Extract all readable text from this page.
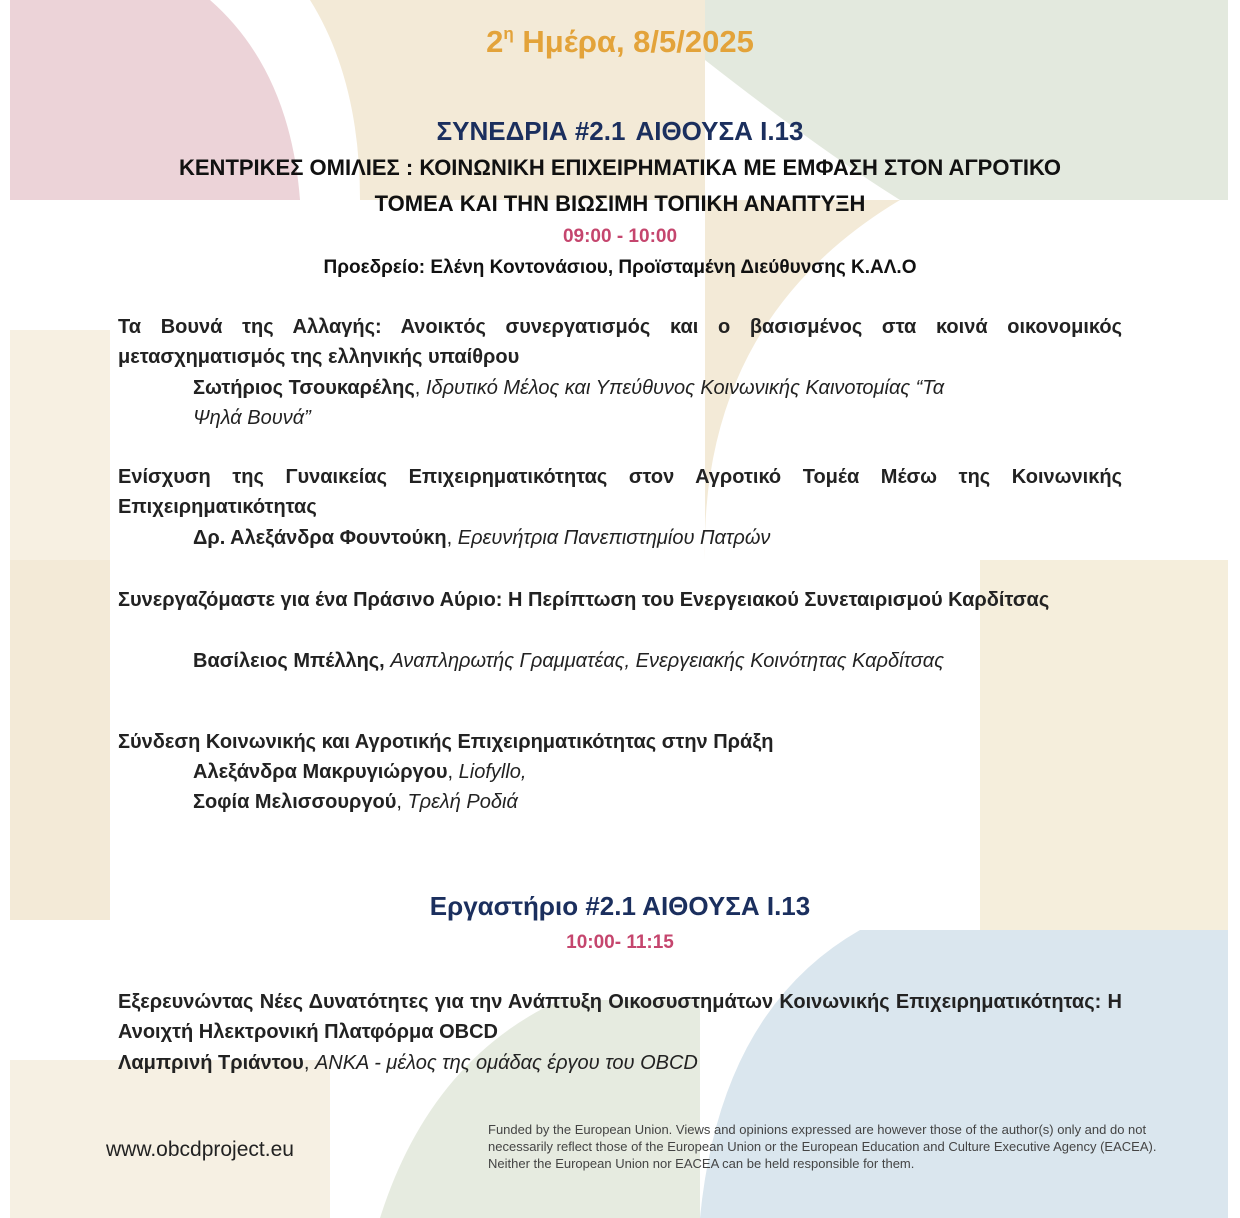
$2^\eta$ Ημέρα, 8/5/2025
ΣΥΝΕΔΡΙΑ #2.1 ΑΙΘΟΥΣΑ Ι.13
ΚΕΝΤΡΙΚΕΣ ΟΜΙΛΙΕΣ : ΚΟΙΝΩΝΙΚΗ ΕΠΙΧΕΙΡΗΜΑΤΙΚΑ ΜΕ ΕΜΦΑΣΗ ΣΤΟΝ ΑΓΡΟΤΙΚΟ
ΤΟΜΕΑ ΚΑΙ ΤΗΝ ΒΙΩΣΙΜΗ ΤΟΠΙΚΗ ΑΝΑΠΤΥΞΗ
09:00 - 10:00
Προεδρείο: Ελένη Κοντονάσιου, Προϊσταμένη Διεύθυνσης Κ.ΑΛ.Ο
Τα Βουνά της Αλλαγής: Ανοικτός συνεργατισμός και ο βασισμένος στα κοινά οικονομικός μετασχηματισμός της ελληνικής υπαίθρου
Σωτήριος Τσουκαρέλης, Ιδρυτικό Μέλος και Υπεύθυνος Κοινωνικής Καινοτομίας “Τα
Ψηλά Βουνά”
Ενίσχυση της Γυναικείας Επιχειρηματικότητας στον Αγροτικό Τομέα Μέσω της Κοινωνικής Επιχειρηματικότητας
Δρ. Αλεξάνδρα Φουντούκη, Ερευνήτρια Πανεπιστημίου Πατρών
Συνεργαζόμαστε για ένα Πράσινο Αύριο: Η Περίπτωση του Ενεργειακού Συνεταιρισμού Καρδίτσας
Βασίλειος Μπέλλης, Αναπληρωτής Γραμματέας, Ενεργειακής Κοινότητας Καρδίτσας
Σύνδεση Κοινωνικής και Αγροτικής Επιχειρηματικότητας στην Πράξη
Αλεξάνδρα Μακρυγιώργου, Liofyllo,
Σοφία Μελισσουργού, Τρελή Ροδιά
Εργαστήριο #2.1 ΑΙΘΟΥΣΑ Ι.13
10:00- 11:15
Εξερευνώντας Νέες Δυνατότητες για την Ανάπτυξη Οικοσυστημάτων Κοινωνικής Επιχειρηματικότητας: Η Ανοιχτή Ηλεκτρονική Πλατφόρμα OBCD
Λαμπρινή Τριάντου, ΑΝΚΑ - μέλος της ομάδας έργου του OBCD
www.obcdproject.eu
Funded by the European Union. Views and opinions expressed are however those of the author(s) only and do not necessarily reflect those of the European Union or the European Education and Culture Executive Agency (EACEA). Neither the European Union nor EACEA can be held responsible for them.
